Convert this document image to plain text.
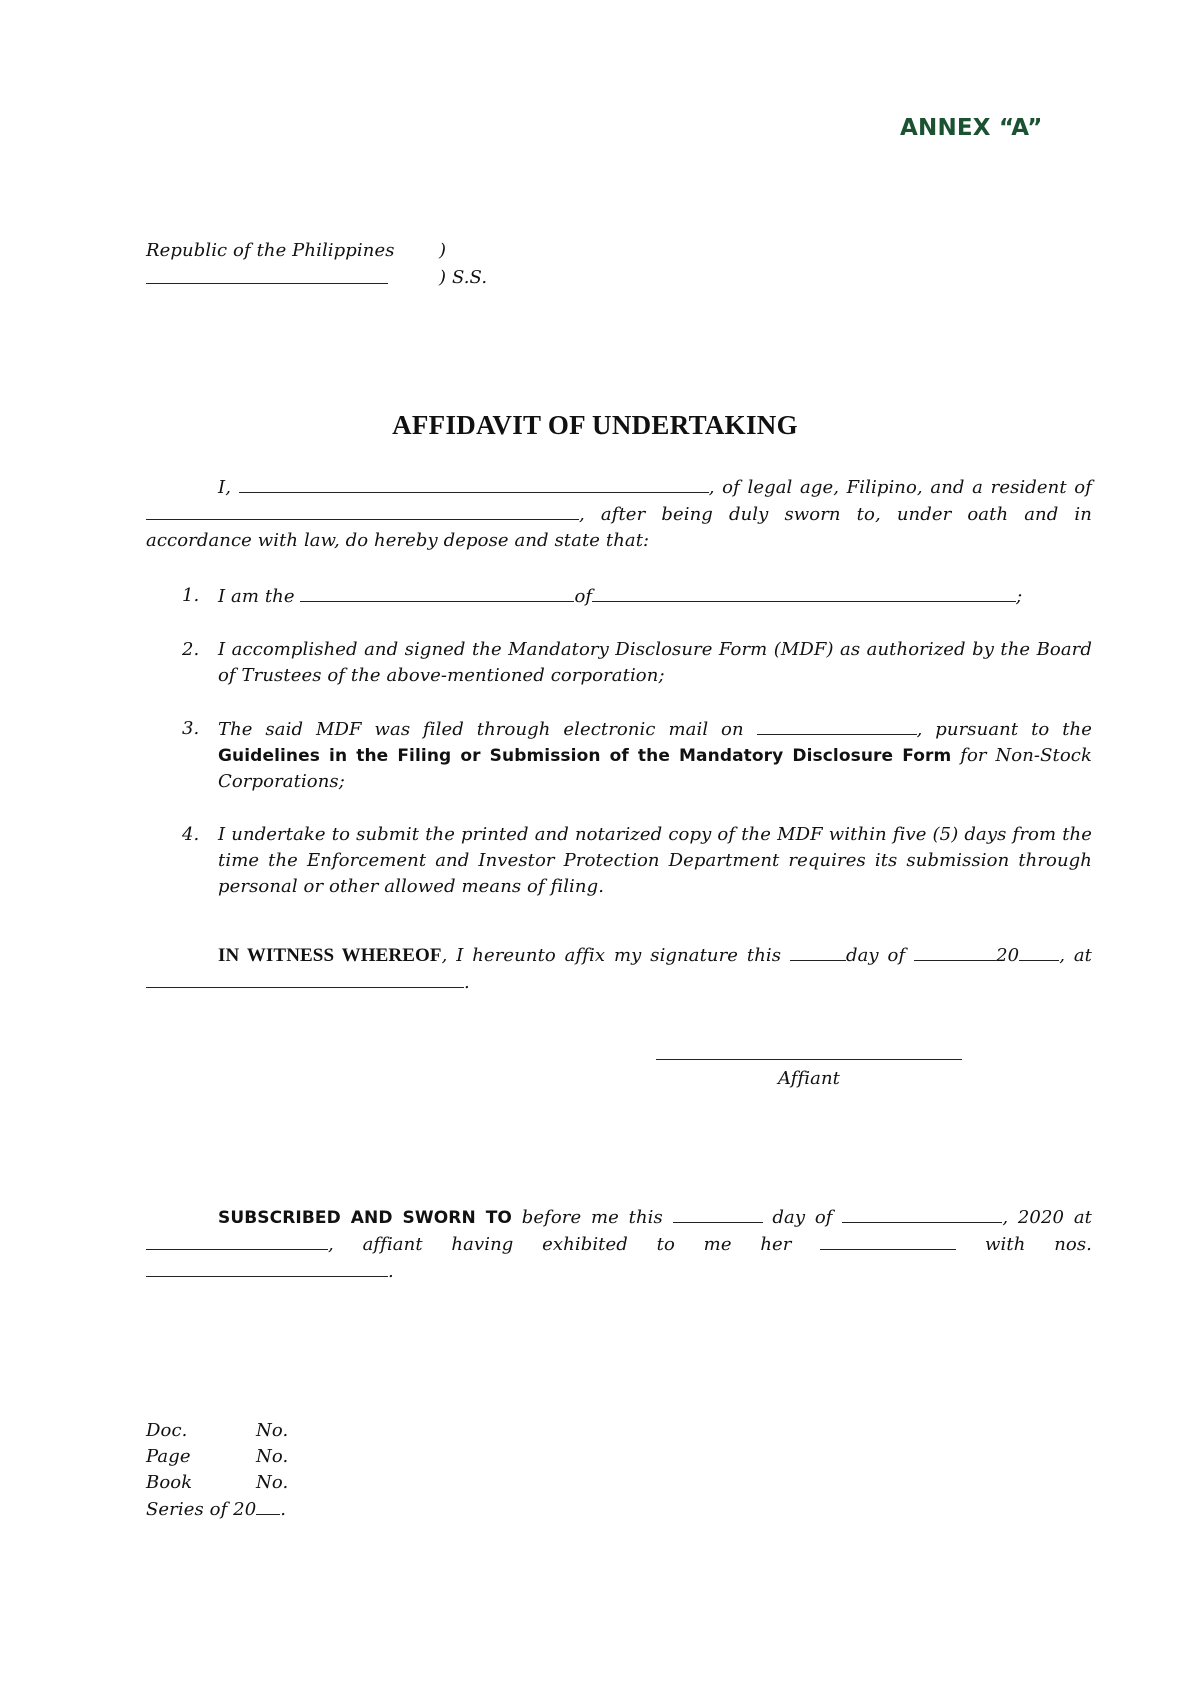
ANNEX “A”
Republic of the Philippines )
) S.S.
AFFIDAVIT OF UNDERTAKING
I,	, of legal age, Filipino, and a resident of
, after being duly sworn to, under oath and in
accordance with law, do hereby depose and state that:
1. I am the	of	;
2. I accomplished and signed the Mandatory Disclosure Form (MDF) as authorized by the Board of Trustees of the above-mentioned corporation;
3. The said MDF was filed through electronic mail on	, pursuant to the
Guidelines in the Filing or Submission of the Mandatory Disclosure Form for Non-Stock Corporations;
4. I undertake to submit the printed and notarized copy of the MDF within five (5) days from the time the Enforcement and Investor Protection Department requires its submission through personal or other allowed means of filing.
IN WITNESS WHEREOF, I hereunto affix my signature this	day of	20 , at
.
Affiant
SUBSCRIBED AND SWORN TO before me this	day of	, 2020 at
, affiant having exhibited to me her	with nos.
.
Doc.	No.
Page	No.
Book	No.
Series of 20 .
